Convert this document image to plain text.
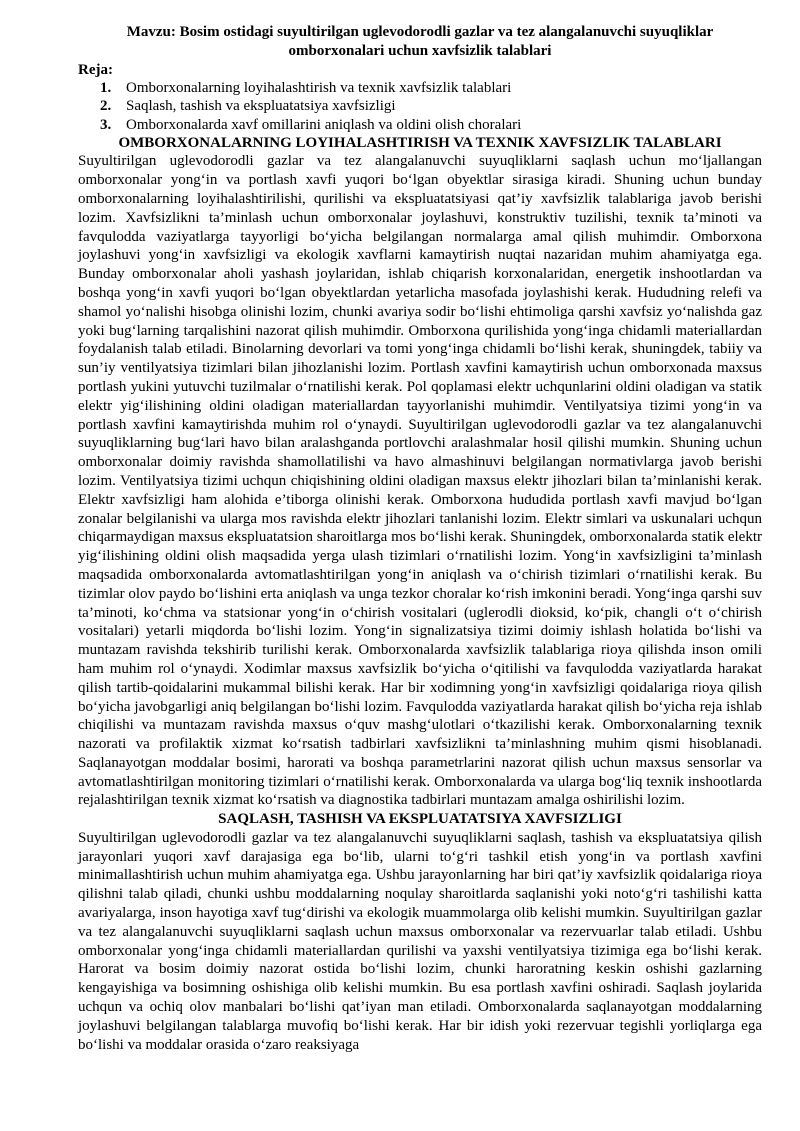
Mavzu: Bosim ostidagi suyultirilgan uglevodorodli gazlar va tez alangalanuvchi suyuqliklar omborxonalari uchun xavfsizlik talablari

Reja:

1. Omborxonalarning loyihalashtirish va texnik xavfsizlik talablari
2. Saqlash, tashish va ekspluatatsiya xavfsizligi
3. Omborxonalarda xavf omillarini aniqlash va oldini olish choralari

OMBORXONALARNING LOYIHALASHTIRISH VA TEXNIK XAVFSIZLIK TALABLARI

Suyultirilgan uglevodorodli gazlar va tez alangalanuvchi suyuqliklarni saqlash uchun mo‘ljallangan omborxonalar yong‘in va portlash xavfi yuqori bo‘lgan obyektlar sirasiga kiradi. Shuning uchun bunday omborxonalarning loyihalashtirilishi, qurilishi va ekspluatatsiyasi qat’iy xavfsizlik talablariga javob berishi lozim. Xavfsizlikni ta’minlash uchun omborxonalar joylashuvi, konstruktiv tuzilishi, texnik ta’minoti va favqulodda vaziyatlarga tayyorligi bo‘yicha belgilangan normalarga amal qilish muhimdir. Omborxona joylashuvi yong‘in xavfsizligi va ekologik xavflarni kamaytirish nuqtai nazaridan muhim ahamiyatga ega. Bunday omborxonalar aholi yashash joylaridan, ishlab chiqarish korxonalaridan, energetik inshootlardan va boshqa yong‘in xavfi yuqori bo‘lgan obyektlardan yetarlicha masofada joylashishi kerak. Hududning relefi va shamol yo‘nalishi hisobga olinishi lozim, chunki avariya sodir bo‘lishi ehtimoliga qarshi xavfsiz yo‘nalishda gaz yoki bug‘larning tarqalishini nazorat qilish muhimdir. Omborxona qurilishida yong‘inga chidamli materiallardan foydalanish talab etiladi. Binolarning devorlari va tomi yong‘inga chidamli bo‘lishi kerak, shuningdek, tabiiy va sun’iy ventilyatsiya tizimlari bilan jihozlanishi lozim. Portlash xavfini kamaytirish uchun omborxonada maxsus portlash yukini yutuvchi tuzilmalar o‘rnatilishi kerak. Pol qoplamasi elektr uchqunlarini oldini oladigan va statik elektr yig‘ilishining oldini oladigan materiallardan tayyorlanishi muhimdir. Ventilyatsiya tizimi yong‘in va portlash xavfini kamaytirishda muhim rol o‘ynaydi. Suyultirilgan uglevodorodli gazlar va tez alangalanuvchi suyuqliklarning bug‘lari havo bilan aralashganda portlovchi aralashmalar hosil qilishi mumkin. Shuning uchun omborxonalar doimiy ravishda shamollatilishi va havo almashinuvi belgilangan normativlarga javob berishi lozim. Ventilyatsiya tizimi uchqun chiqishining oldini oladigan maxsus elektr jihozlari bilan ta’minlanishi kerak. Elektr xavfsizligi ham alohida e’tiborga olinishi kerak. Omborxona hududida portlash xavfi mavjud bo‘lgan zonalar belgilanishi va ularga mos ravishda elektr jihozlari tanlanishi lozim. Elektr simlari va uskunalari uchqun chiqarmaydigan maxsus ekspluatatsion sharoitlarga mos bo‘lishi kerak. Shuningdek, omborxonalarda statik elektr yig‘ilishining oldini olish maqsadida yerga ulash tizimlari o‘rnatilishi lozim. Yong‘in xavfsizligini ta’minlash maqsadida omborxonalarda avtomatlashtirilgan yong‘in aniqlash va o‘chirish tizimlari o‘rnatilishi kerak. Bu tizimlar olov paydo bo‘lishini erta aniqlash va unga tezkor choralar ko‘rish imkonini beradi. Yong‘inga qarshi suv ta’minoti, ko‘chma va statsionar yong‘in o‘chirish vositalari (uglerodli dioksid, ko‘pik, changli o‘t o‘chirish vositalari) yetarli miqdorda bo‘lishi lozim. Yong‘in signalizatsiya tizimi doimiy ishlash holatida bo‘lishi va muntazam ravishda tekshirib turilishi kerak. Omborxonalarda xavfsizlik talablariga rioya qilishda inson omili ham muhim rol o‘ynaydi. Xodimlar maxsus xavfsizlik bo‘yicha o‘qitilishi va favqulodda vaziyatlarda harakat qilish tartib-qoidalarini mukammal bilishi kerak. Har bir xodimning yong‘in xavfsizligi qoidalariga rioya qilish bo‘yicha javobgarligi aniq belgilangan bo‘lishi lozim. Favqulodda vaziyatlarda harakat qilish bo‘yicha reja ishlab chiqilishi va muntazam ravishda maxsus o‘quv mashg‘ulotlari o‘tkazilishi kerak. Omborxonalarning texnik nazorati va profilaktik xizmat ko‘rsatish tadbirlari xavfsizlikni ta’minlashning muhim qismi hisoblanadi. Saqlanayotgan moddalar bosimi, harorati va boshqa parametrlarini nazorat qilish uchun maxsus sensorlar va avtomatlashtirilgan monitoring tizimlari o‘rnatilishi kerak. Omborxonalarda va ularga bog‘liq texnik inshootlarda rejalashtirilgan texnik xizmat ko‘rsatish va diagnostika tadbirlari muntazam amalga oshirilishi lozim.

SAQLASH, TASHISH VA EKSPLUATATSIYA XAVFSIZLIGI

Suyultirilgan uglevodorodli gazlar va tez alangalanuvchi suyuqliklarni saqlash, tashish va ekspluatatsiya qilish jarayonlari yuqori xavf darajasiga ega bo‘lib, ularni to‘g‘ri tashkil etish yong‘in va portlash xavfini minimallashtirish uchun muhim ahamiyatga ega. Ushbu jarayonlarning har biri qat’iy xavfsizlik qoidalariga rioya qilishni talab qiladi, chunki ushbu moddalarning noqulay sharoitlarda saqlanishi yoki noto‘g‘ri tashilishi katta avariyalarga, inson hayotiga xavf tug‘dirishi va ekologik muammolarga olib kelishi mumkin. Suyultirilgan gazlar va tez alangalanuvchi suyuqliklarni saqlash uchun maxsus omborxonalar va rezervuarlar talab etiladi. Ushbu omborxonalar yong‘inga chidamli materiallardan qurilishi va yaxshi ventilyatsiya tizimiga ega bo‘lishi kerak. Harorat va bosim doimiy nazorat ostida bo‘lishi lozim, chunki haroratning keskin oshishi gazlarning kengayishiga va bosimning oshishiga olib kelishi mumkin. Bu esa portlash xavfini oshiradi. Saqlash joylarida uchqun va ochiq olov manbalari bo‘lishi qat’iyan man etiladi. Omborxonalarda saqlanayotgan moddalarning joylashuvi belgilangan talablarga muvofiq bo‘lishi kerak. Har bir idish yoki rezervuar tegishli yorliqlarga ega bo‘lishi va moddalar orasida o‘zaro reaksiyaga
